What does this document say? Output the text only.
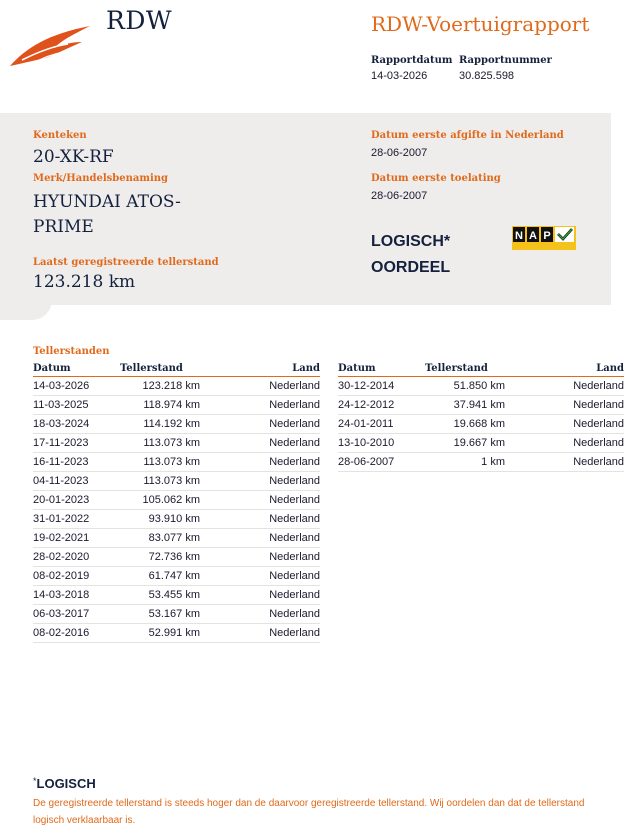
RDW	RDW-Voertuigrapport
Rapportdatum
14-03-2026
Rapportnummer
30.825.598
Kenteken
20-XK-RF
Merk/Handelsbenaming
HYUNDAI ATOS-
PRIME
Laatst geregistreerde tellerstand
123.218 km
Datum eerste afgifte in Nederland
28-06-2007
Datum eerste toelating
28-06-2007
LOGISCH*
OORDEEL
N A P
Tellerstanden
Datum	Tellerstand	Land
14-03-2026	123.218 km	Nederland
11-03-2025	118.974 km	Nederland
18-03-2024	114.192 km	Nederland
17-11-2023	113.073 km	Nederland
16-11-2023	113.073 km	Nederland
04-11-2023	113.073 km	Nederland
20-01-2023	105.062 km	Nederland
31-01-2022	93.910 km	Nederland
19-02-2021	83.077 km	Nederland
28-02-2020	72.736 km	Nederland
08-02-2019	61.747 km	Nederland
14-03-2018	53.455 km	Nederland
06-03-2017	53.167 km	Nederland
08-02-2016	52.991 km	Nederland
Datum	Tellerstand	Land
30-12-2014	51.850 km	Nederland
24-12-2012	37.941 km	Nederland
24-01-2011	19.668 km	Nederland
13-10-2010	19.667 km	Nederland
28-06-2007	1 km	Nederland
*LOGISCH
De geregistreerde tellerstand is steeds hoger dan de daarvoor geregistreerde tellerstand. Wij oordelen dan dat de tellerstand logisch verklaarbaar is.
